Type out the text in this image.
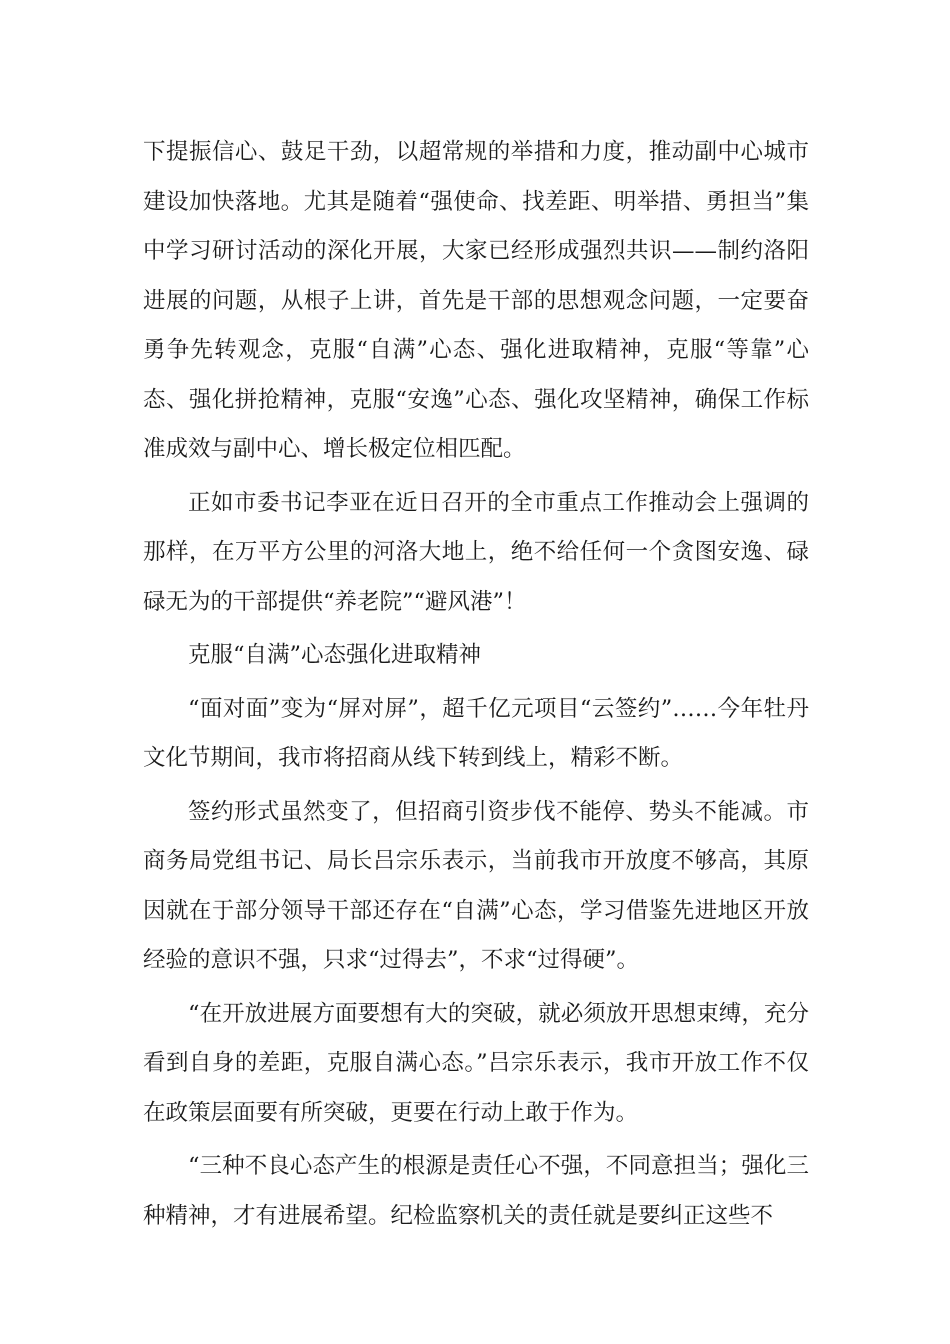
下提振信心、鼓足干劲，以超常规的举措和力度，推动副中心城市建设加快落地。尤其是随着“强使命、找差距、明举措、勇担当”集中学习研讨活动的深化开展，大家已经形成强烈共识——制约洛阳进展的问题，从根子上讲，首先是干部的思想观念问题，一定要奋勇争先转观念，克服“自满”心态、强化进取精神，克服“等靠”心态、强化拼抢精神，克服“安逸”心态、强化攻坚精神，确保工作标准成效与副中心、增长极定位相匹配。

正如市委书记李亚在近日召开的全市重点工作推动会上强调的那样，在万平方公里的河洛大地上，绝不给任何一个贪图安逸、碌碌无为的干部提供“养老院”“避风港”！

克服“自满”心态强化进取精神

“面对面”变为“屏对屏”，超千亿元项目“云签约”……今年牡丹文化节期间，我市将招商从线下转到线上，精彩不断。

签约形式虽然变了，但招商引资步伐不能停、势头不能减。市商务局党组书记、局长吕宗乐表示，当前我市开放度不够高，其原因就在于部分领导干部还存在“自满”心态，学习借鉴先进地区开放经验的意识不强，只求“过得去”，不求“过得硬”。

“在开放进展方面要想有大的突破，就必须放开思想束缚，充分看到自身的差距，克服自满心态。”吕宗乐表示，我市开放工作不仅在政策层面要有所突破，更要在行动上敢于作为。

“三种不良心态产生的根源是责任心不强，不同意担当；强化三种精神，才有进展希望。纪检监察机关的责任就是要纠正这些不
